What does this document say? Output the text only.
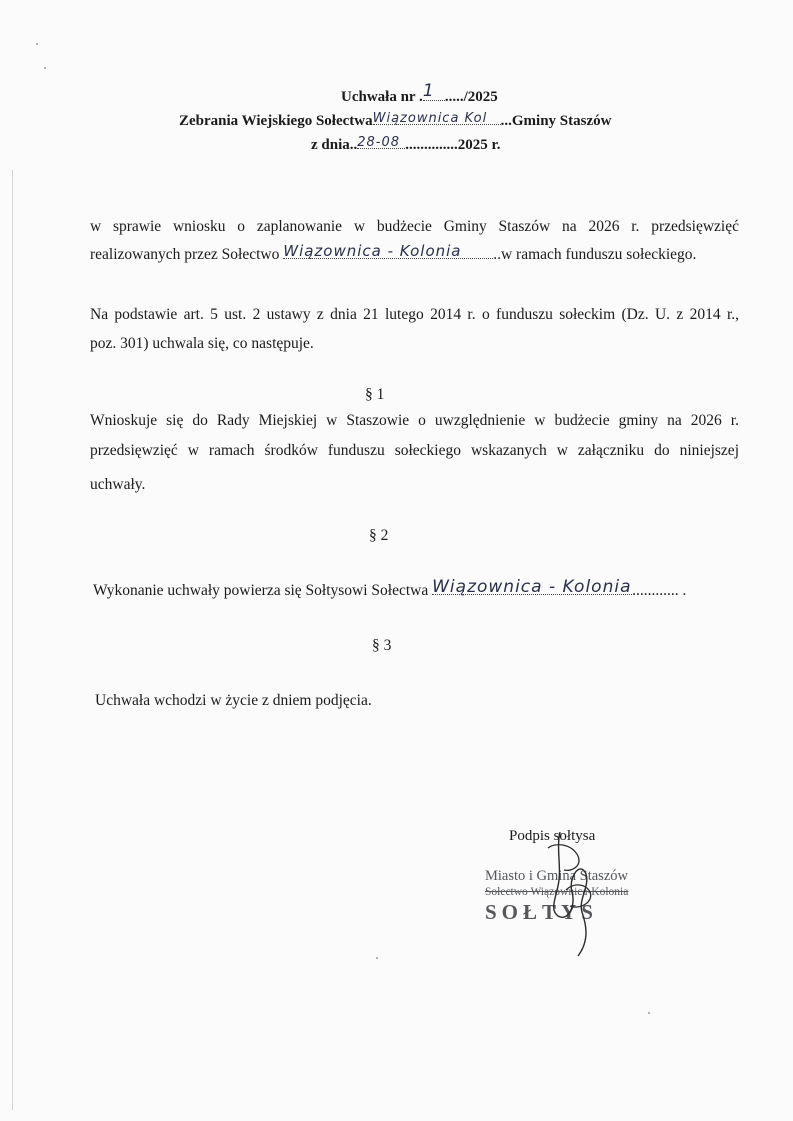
Uchwała nr . 1 ...../2025
Zebrania Wiejskiego Sołectwa Wiązownica Kol ...Gminy Staszów
z dnia.. 28-08 ..............2025 r.
w sprawie wniosku o zaplanowanie w budżecie Gminy Staszów na 2026 r. przedsięwzięć
realizowanych przez Sołectwo Wiązownica - Kolonia ..w ramach funduszu sołeckiego.
Na podstawie art. 5 ust. 2 ustawy z dnia 21 lutego 2014 r. o funduszu sołeckim (Dz. U. z 2014 r.,
poz. 301) uchwala się, co następuje.
§ 1
Wnioskuje się do Rady Miejskiej w Staszowie o uwzględnienie w budżecie gminy na 2026 r.
przedsięwzięć w ramach środków funduszu sołeckiego wskazanych w załączniku do niniejszej
uchwały.
§ 2
Wykonanie uchwały powierza się Sołtysowi Sołectwa Wiązownica - Kolonia ............ .
§ 3
Uchwała wchodzi w życie z dniem podjęcia.
Podpis sołtysa
Miasto i Gmina Staszów
Sołectwo Wiązownica-Kolonia
SOŁTYS
